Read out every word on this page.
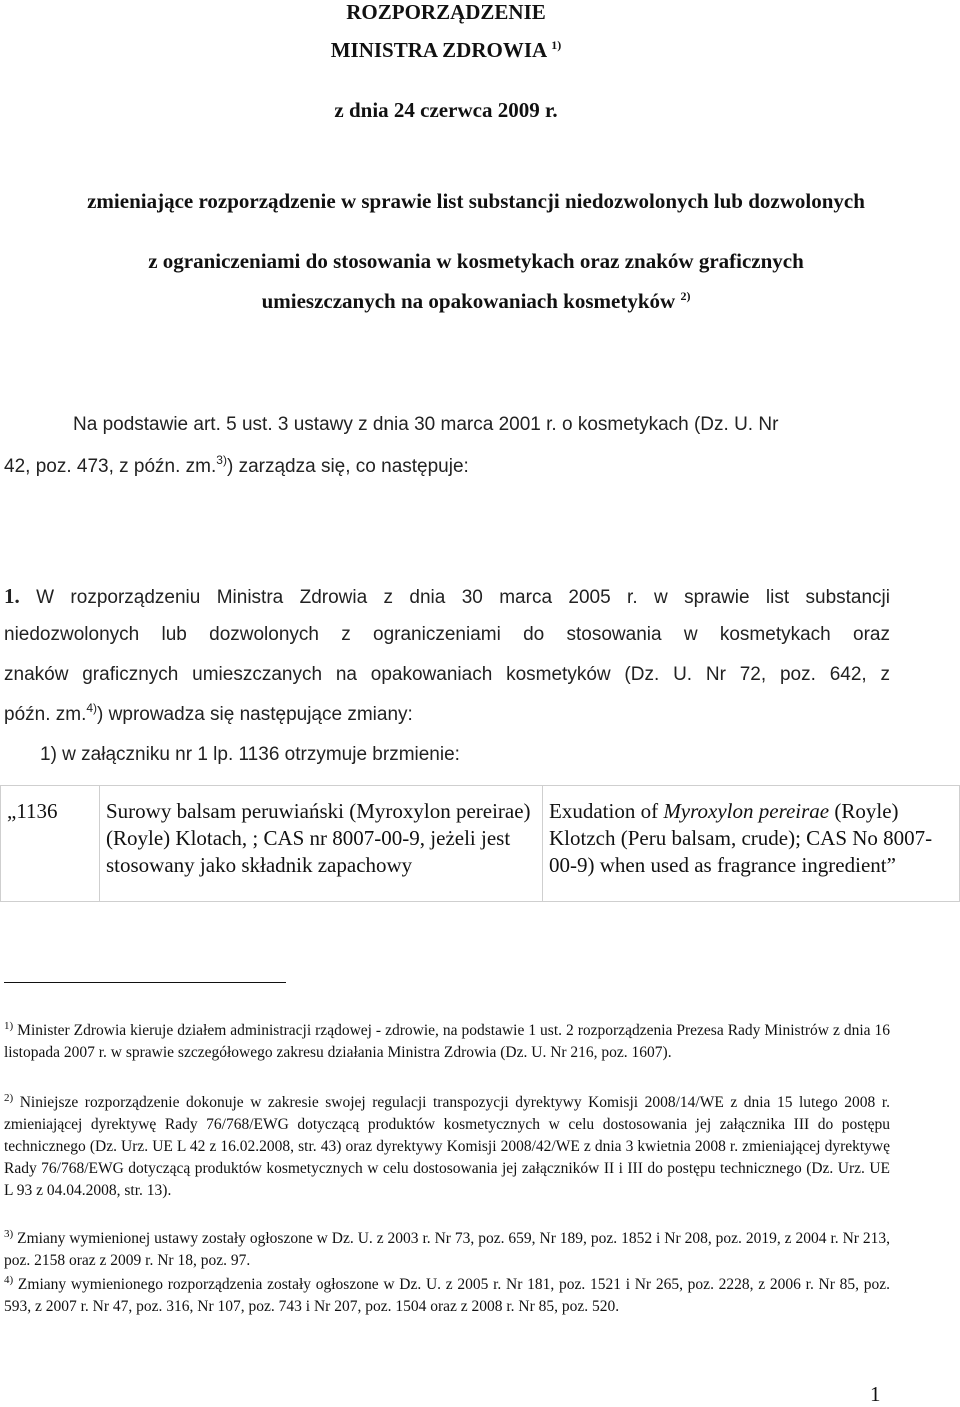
ROZPORZĄDZENIE
MINISTRA ZDROWIA $^{1)}$
z dnia 24 czerwca 2009 r.
zmieniające rozporządzenie w sprawie list substancji niedozwolonych lub dozwolonych
z ograniczeniami do stosowania w kosmetykach oraz znaków graficznych
umieszczanych na opakowaniach kosmetyków $^{2)}$
Na podstawie art. 5 ust. 3 ustawy z dnia 30 marca 2001 r. o kosmetykach (Dz. U. Nr
42, poz. 473, z późn. zm.$^{3)}$) zarządza się, co następuje:
1. W rozporządzeniu Ministra Zdrowia z dnia 30 marca 2005 r. w sprawie list substancji
niedozwolonych lub dozwolonych z ograniczeniami do stosowania w kosmetykach oraz
znaków graficznych umieszczanych na opakowaniach kosmetyków (Dz. U. Nr 72, poz. 642, z
późn. zm.$^{4)}$) wprowadza się następujące zmiany:
1) w załączniku nr 1 lp. 1136 otrzymuje brzmienie:
„1136	Surowy balsam peruwiański (Myroxylon pereirae) (Royle) Klotach, ; CAS nr 8007-00-9, jeżeli jest stosowany jako składnik zapachowy	Exudation of Myroxylon pereirae (Royle) Klotzch (Peru balsam, crude); CAS No 8007-00-9) when used as fragrance ingredient”
$^{1)}$ Minister Zdrowia kieruje działem administracji rządowej - zdrowie, na podstawie 1 ust. 2 rozporządzenia Prezesa Rady Ministrów z dnia 16 listopada 2007 r. w sprawie szczegółowego zakresu działania Ministra Zdrowia (Dz. U. Nr 216, poz. 1607).
$^{2)}$ Niniejsze rozporządzenie dokonuje w zakresie swojej regulacji transpozycji dyrektywy Komisji 2008/14/WE z dnia 15 lutego 2008 r. zmieniającej dyrektywę Rady 76/768/EWG dotyczącą produktów kosmetycznych w celu dostosowania jej załącznika III do postępu technicznego (Dz. Urz. UE L 42 z 16.02.2008, str. 43) oraz dyrektywy Komisji 2008/42/WE z dnia 3 kwietnia 2008 r. zmieniającej dyrektywę Rady 76/768/EWG dotyczącą produktów kosmetycznych w celu dostosowania jej załączników II i III do postępu technicznego (Dz. Urz. UE L 93 z 04.04.2008, str. 13).
$^{3)}$ Zmiany wymienionej ustawy zostały ogłoszone w Dz. U. z 2003 r. Nr 73, poz. 659, Nr 189, poz. 1852 i Nr 208, poz. 2019, z 2004 r. Nr 213, poz. 2158 oraz z 2009 r. Nr 18, poz. 97.
$^{4)}$ Zmiany wymienionego rozporządzenia zostały ogłoszone w Dz. U. z 2005 r. Nr 181, poz. 1521 i Nr 265, poz. 2228, z 2006 r. Nr 85, poz. 593, z 2007 r. Nr 47, poz. 316, Nr 107, poz. 743 i Nr 207, poz. 1504 oraz z 2008 r. Nr 85, poz. 520.
1
